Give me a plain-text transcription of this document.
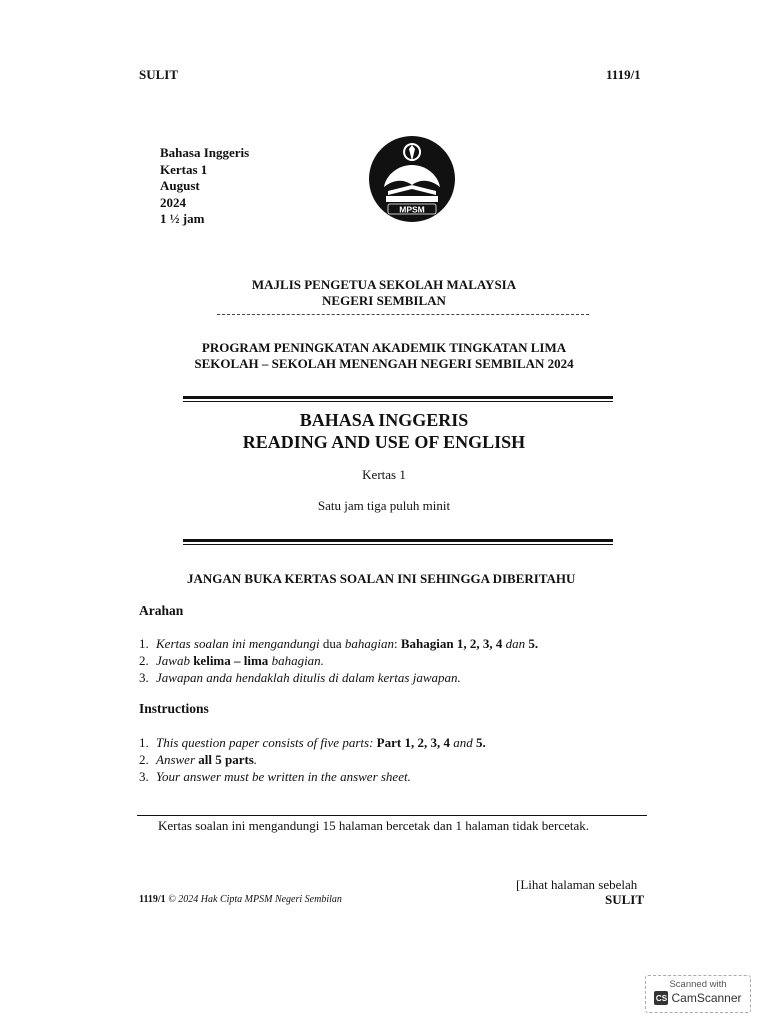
SULIT	1119/1
Bahasa Inggeris
Kertas 1
August
2024
1 ½ jam
MPSM
MAJLIS PENGETUA SEKOLAH MALAYSIA
NEGERI SEMBILAN
PROGRAM PENINGKATAN AKADEMIK TINGKATAN LIMA
SEKOLAH – SEKOLAH MENENGAH NEGERI SEMBILAN 2024
BAHASA INGGERIS
READING AND USE OF ENGLISH
Kertas 1
Satu jam tiga puluh minit
JANGAN BUKA KERTAS SOALAN INI SEHINGGA DIBERITAHU
Arahan
1. Kertas soalan ini mengandungi dua bahagian: Bahagian 1, 2, 3, 4 dan 5.
2. Jawab kelima – lima bahagian.
3. Jawapan anda hendaklah ditulis di dalam kertas jawapan.
Instructions
1. This question paper consists of five parts: Part 1, 2, 3, 4 and 5.
2. Answer all 5 parts.
3. Your answer must be written in the answer sheet.
Kertas soalan ini mengandungi 15 halaman bercetak dan 1 halaman tidak bercetak.
[Lihat halaman sebelah
1119/1 © 2024 Hak Cipta MPSM Negeri Sembilan	SULIT
Scanned with
CS CamScanner
